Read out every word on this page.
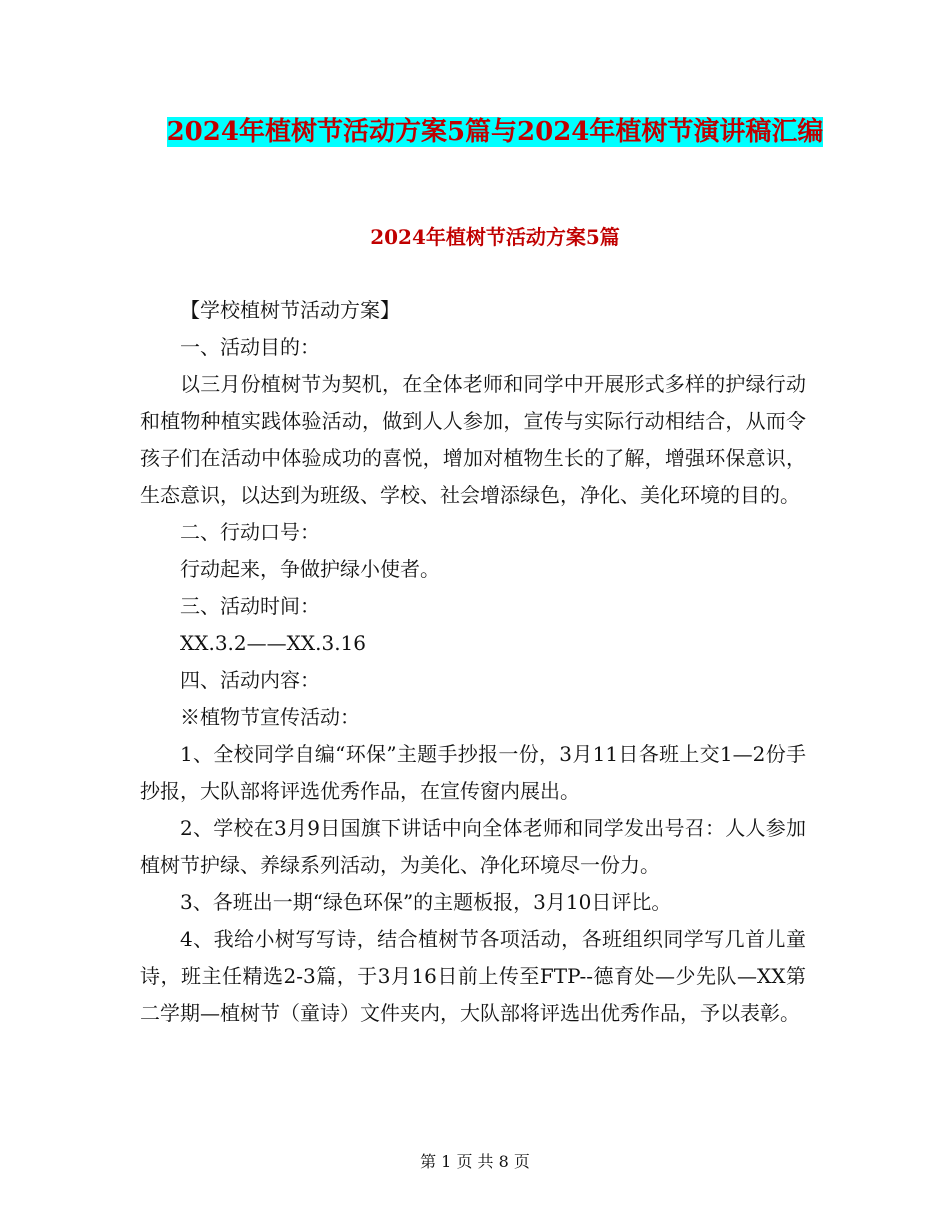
2024年植树节活动方案5篇与2024年植树节演讲稿汇编
2024年植树节活动方案5篇

【学校植树节活动方案】

一、活动目的：

以三月份植树节为契机，在全体老师和同学中开展形式多样的护绿行动和植物种植实践体验活动，做到人人参加，宣传与实际行动相结合，从而令孩子们在活动中体验成功的喜悦，增加对植物生长的了解，增强环保意识，生态意识，以达到为班级、学校、社会增添绿色，净化、美化环境的目的。

二、行动口号：

行动起来，争做护绿小使者。

三、活动时间：

XX.3.2——XX.3.16

四、活动内容：

※植物节宣传活动：

1、全校同学自编“环保”主题手抄报一份，3月11日各班上交1—2份手抄报，大队部将评选优秀作品，在宣传窗内展出。

2、学校在3月9日国旗下讲话中向全体老师和同学发出号召：人人参加植树节护绿、养绿系列活动，为美化、净化环境尽一份力。

3、各班出一期“绿色环保”的主题板报，3月10日评比。

4、我给小树写写诗，结合植树节各项活动，各班组织同学写几首儿童诗，班主任精选2-3篇，于3月16日前上传至FTP--德育处—少先队—XX第二学期—植树节（童诗）文件夹内，大队部将评选出优秀作品，予以表彰。

第 1 页 共 8 页
